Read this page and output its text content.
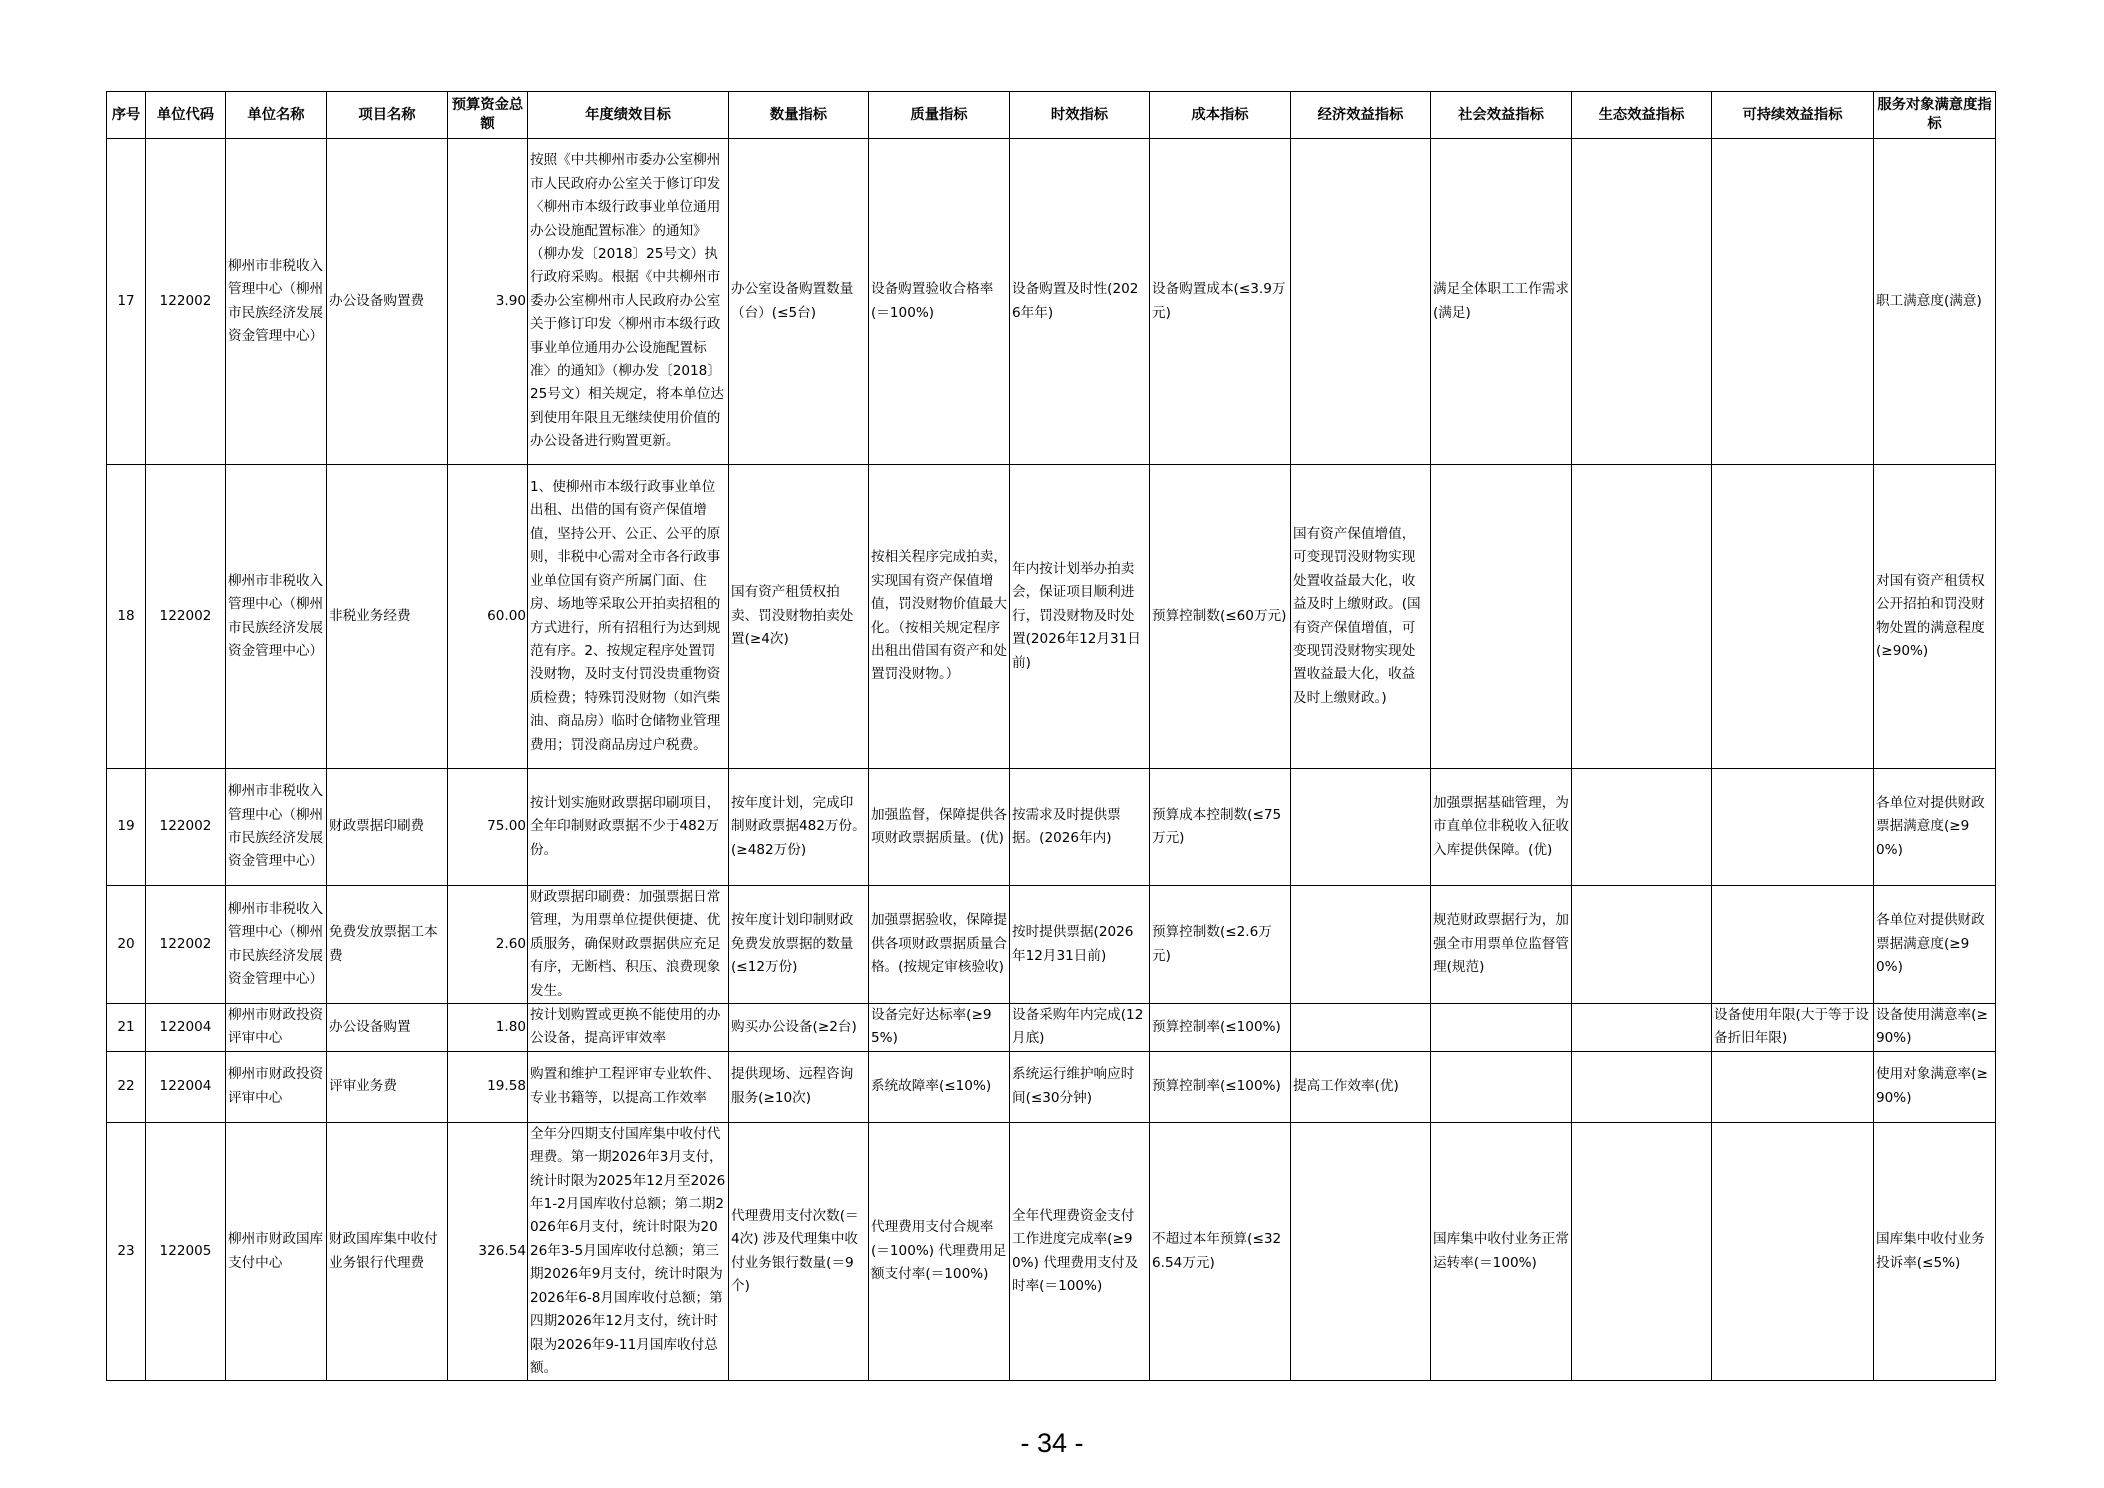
序号	单位代码	单位名称	项目名称	预算资金总额	年度绩效目标	数量指标	质量指标	时效指标	成本指标	经济效益指标	社会效益指标	生态效益指标	可持续效益指标	服务对象满意度指标
17	122002	柳州市非税收入管理中心（柳州市民族经济发展资金管理中心）	办公设备购置费	3.90	按照《中共柳州市委办公室柳州市人民政府办公室关于修订印发〈柳州市本级行政事业单位通用办公设施配置标准〉的通知》（柳办发〔2018〕25号文）执行政府采购。根据《中共柳州市委办公室柳州市人民政府办公室关于修订印发〈柳州市本级行政事业单位通用办公设施配置标准〉的通知》（柳办发〔2018〕25号文）相关规定，将本单位达到使用年限且无继续使用价值的办公设备进行购置更新。	办公室设备购置数量（台）(≤5台)	设备购置验收合格率(＝100%)	设备购置及时性(2026年年)	设备购置成本(≤3.9万元)		满足全体职工工作需求(满足)			职工满意度(满意)
18	122002	柳州市非税收入管理中心（柳州市民族经济发展资金管理中心）	非税业务经费	60.00	1、使柳州市本级行政事业单位出租、出借的国有资产保值增值，坚持公开、公正、公平的原则，非税中心需对全市各行政事业单位国有资产所属门面、住房、场地等采取公开拍卖招租的方式进行，所有招租行为达到规范有序。2、按规定程序处置罚没财物，及时支付罚没贵重物资质检费；特殊罚没财物（如汽柴油、商品房）临时仓储物业管理费用；罚没商品房过户税费。	国有资产租赁权拍卖、罚没财物拍卖处置(≥4次)	按相关程序完成拍卖，实现国有资产保值增值，罚没财物价值最大化。（按相关规定程序出租出借国有资产和处置罚没财物。）	年内按计划举办拍卖会，保证项目顺利进行，罚没财物及时处置(2026年12月31日前)	预算控制数(≤60万元)	国有资产保值增值，可变现罚没财物实现处置收益最大化，收益及时上缴财政。(国有资产保值增值，可变现罚没财物实现处置收益最大化，收益及时上缴财政。)				对国有资产租赁权公开招拍和罚没财物处置的满意程度(≥90%)
19	122002	柳州市非税收入管理中心（柳州市民族经济发展资金管理中心）	财政票据印刷费	75.00	按计划实施财政票据印刷项目，全年印制财政票据不少于482万份。	按年度计划，完成印制财政票据482万份。(≥482万份)	加强监督，保障提供各项财政票据质量。(优)	按需求及时提供票据。(2026年内)	预算成本控制数(≤75万元)		加强票据基础管理，为市直单位非税收入征收入库提供保障。(优)			各单位对提供财政票据满意度(≥90%)
20	122002	柳州市非税收入管理中心（柳州市民族经济发展资金管理中心）	免费发放票据工本费	2.60	财政票据印刷费：加强票据日常管理，为用票单位提供便捷、优质服务，确保财政票据供应充足有序，无断档、积压、浪费现象发生。	按年度计划印制财政免费发放票据的数量(≤12万份)	加强票据验收，保障提供各项财政票据质量合格。(按规定审核验收)	按时提供票据(2026年12月31日前)	预算控制数(≤2.6万元)		规范财政票据行为，加强全市用票单位监督管理(规范)			各单位对提供财政票据满意度(≥90%)
21	122004	柳州市财政投资评审中心	办公设备购置	1.80	按计划购置或更换不能使用的办公设备，提高评审效率	购买办公设备(≥2台)	设备完好达标率(≥95%)	设备采购年内完成(12月底)	预算控制率(≤100%)				设备使用年限(大于等于设备折旧年限)	设备使用满意率(≥90%)
22	122004	柳州市财政投资评审中心	评审业务费	19.58	购置和维护工程评审专业软件、专业书籍等，以提高工作效率	提供现场、远程咨询服务(≥10次)	系统故障率(≤10%)	系统运行维护响应时间(≤30分钟)	预算控制率(≤100%)	提高工作效率(优)				使用对象满意率(≥90%)
23	122005	柳州市财政国库支付中心	财政国库集中收付业务银行代理费	326.54	全年分四期支付国库集中收付代理费。第一期2026年3月支付，统计时限为2025年12月至2026年1-2月国库收付总额；第二期2026年6月支付，统计时限为2026年3-5月国库收付总额；第三期2026年9月支付，统计时限为2026年6-8月国库收付总额；第四期2026年12月支付，统计时限为2026年9-11月国库收付总额。	代理费用支付次数(＝4次) 涉及代理集中收付业务银行数量(＝9个)	代理费用支付合规率(＝100%) 代理费用足额支付率(＝100%)	全年代理费资金支付工作进度完成率(≥90%) 代理费用支付及时率(＝100%)	不超过本年预算(≤326.54万元)		国库集中收付业务正常运转率(＝100%)			国库集中收付业务投诉率(≤5%)
- 34 -
